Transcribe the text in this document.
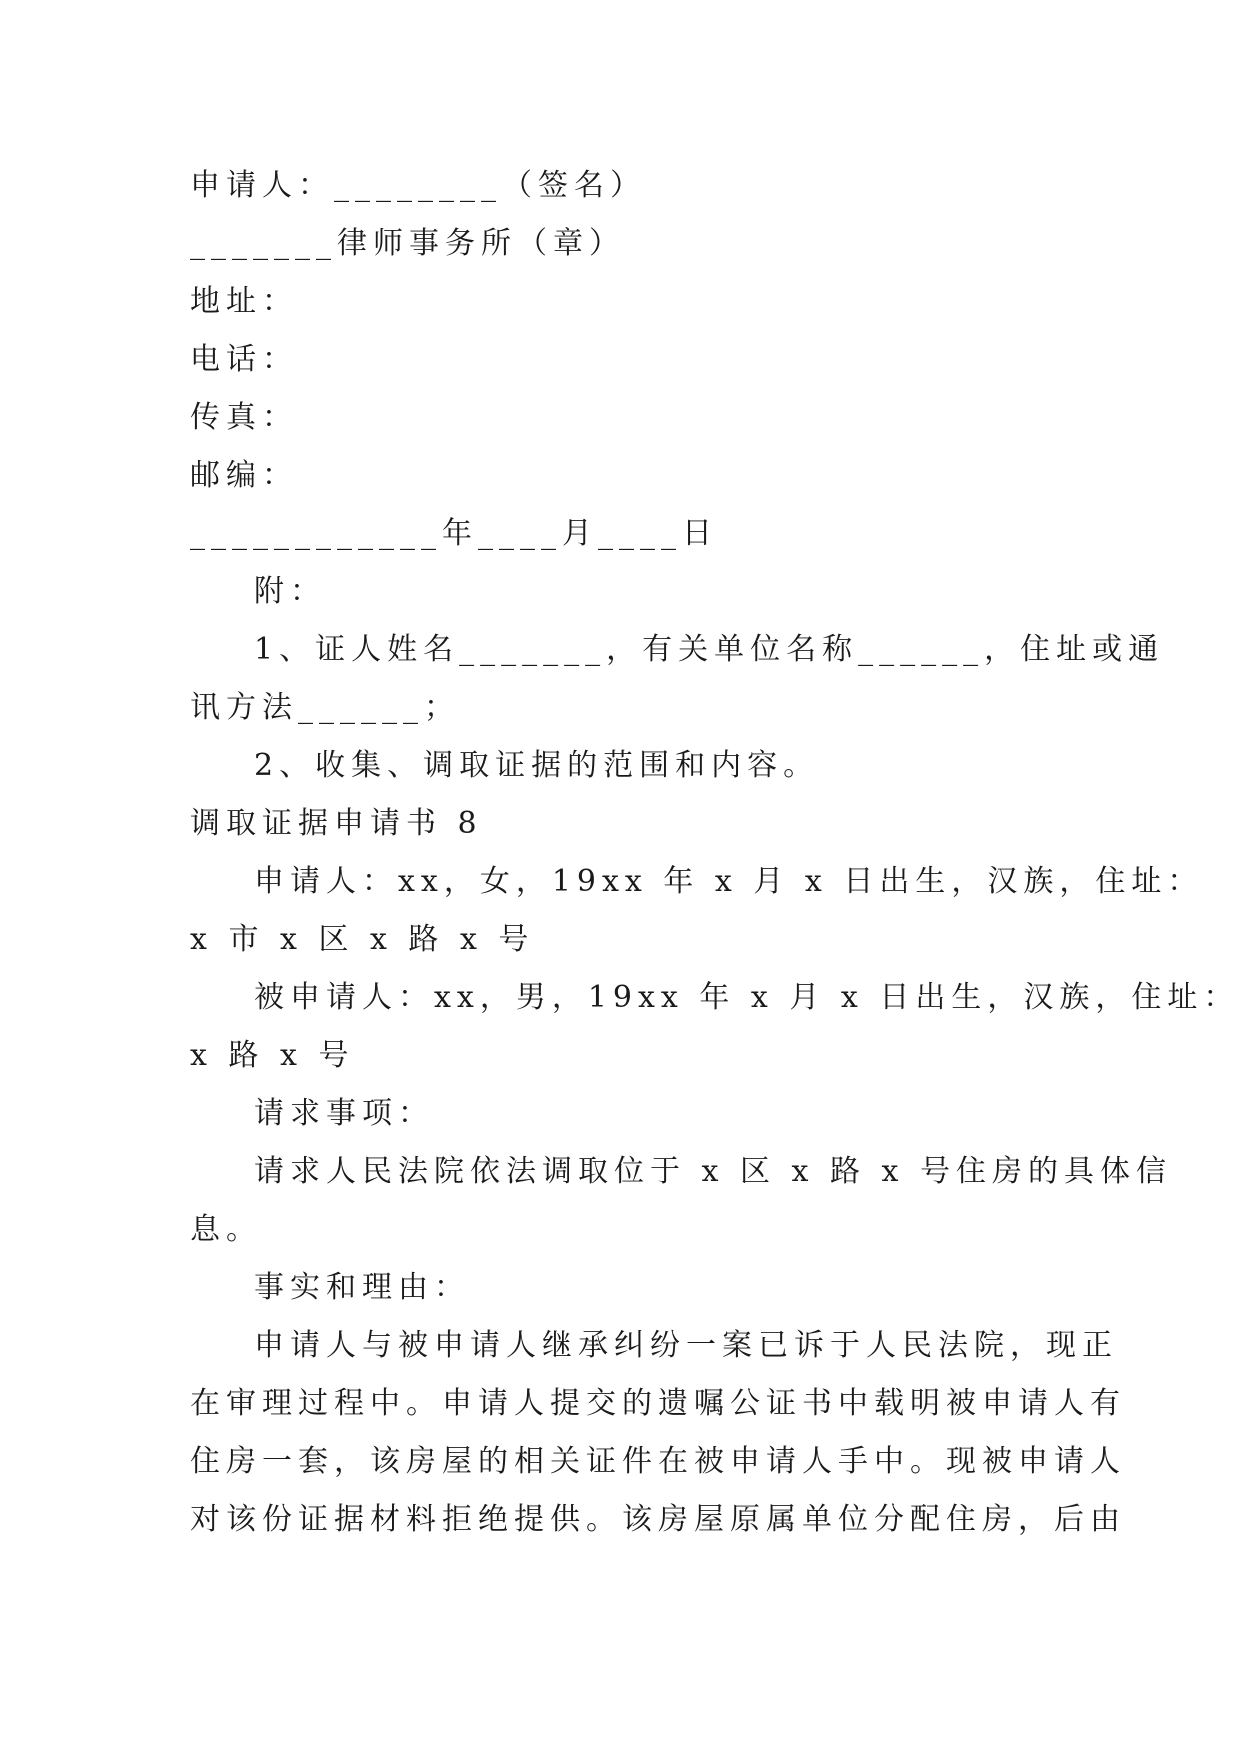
申请人：________（签名）
_______律师事务所（章）
地址：
电话：
传真：
邮编：
____________年____月____日
附：
1、证人姓名_______，有关单位名称______，住址或通
讯方法______；
2、收集、调取证据的范围和内容。
调取证据申请书 8
申请人：xx，女，19xx 年 x 月 x 日出生，汉族，住址：
x 市 x 区 x 路 x 号
被申请人：xx，男，19xx 年 x 月 x 日出生，汉族，住址：
x 路 x 号
请求事项：
请求人民法院依法调取位于 x 区 x 路 x 号住房的具体信
息。
事实和理由：
申请人与被申请人继承纠纷一案已诉于人民法院，现正
在审理过程中。申请人提交的遗嘱公证书中载明被申请人有
住房一套，该房屋的相关证件在被申请人手中。现被申请人
对该份证据材料拒绝提供。该房屋原属单位分配住房，后由
